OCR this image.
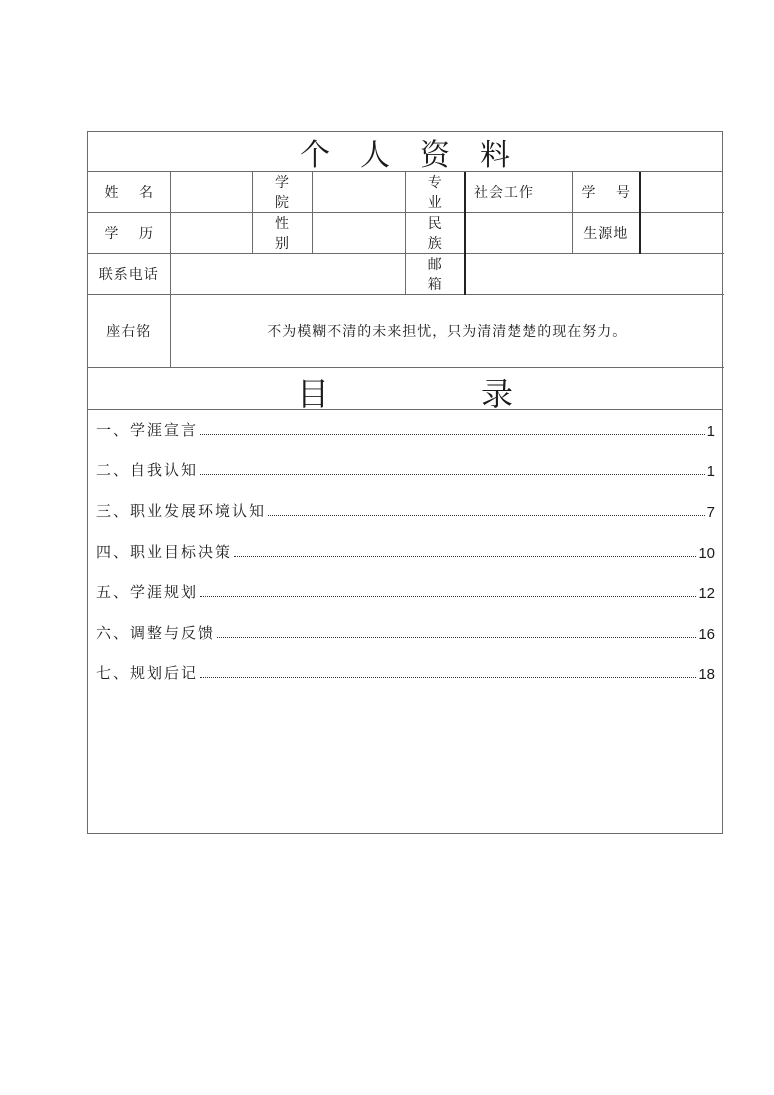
个人资料
姓 名		学 院		专 业	社会工作	学 号	
学 历		性 别		民 族		生源地	
联系电话				邮 箱			
座右铭	不为模糊不清的未来担忧，只为清清楚楚的现在努力。						
目	录
一、学涯宣言	1
二、自我认知	1
三、职业发展环境认知	7
四、职业目标决策	10
五、学涯规划	12
六、调整与反馈	16
七、规划后记	18
